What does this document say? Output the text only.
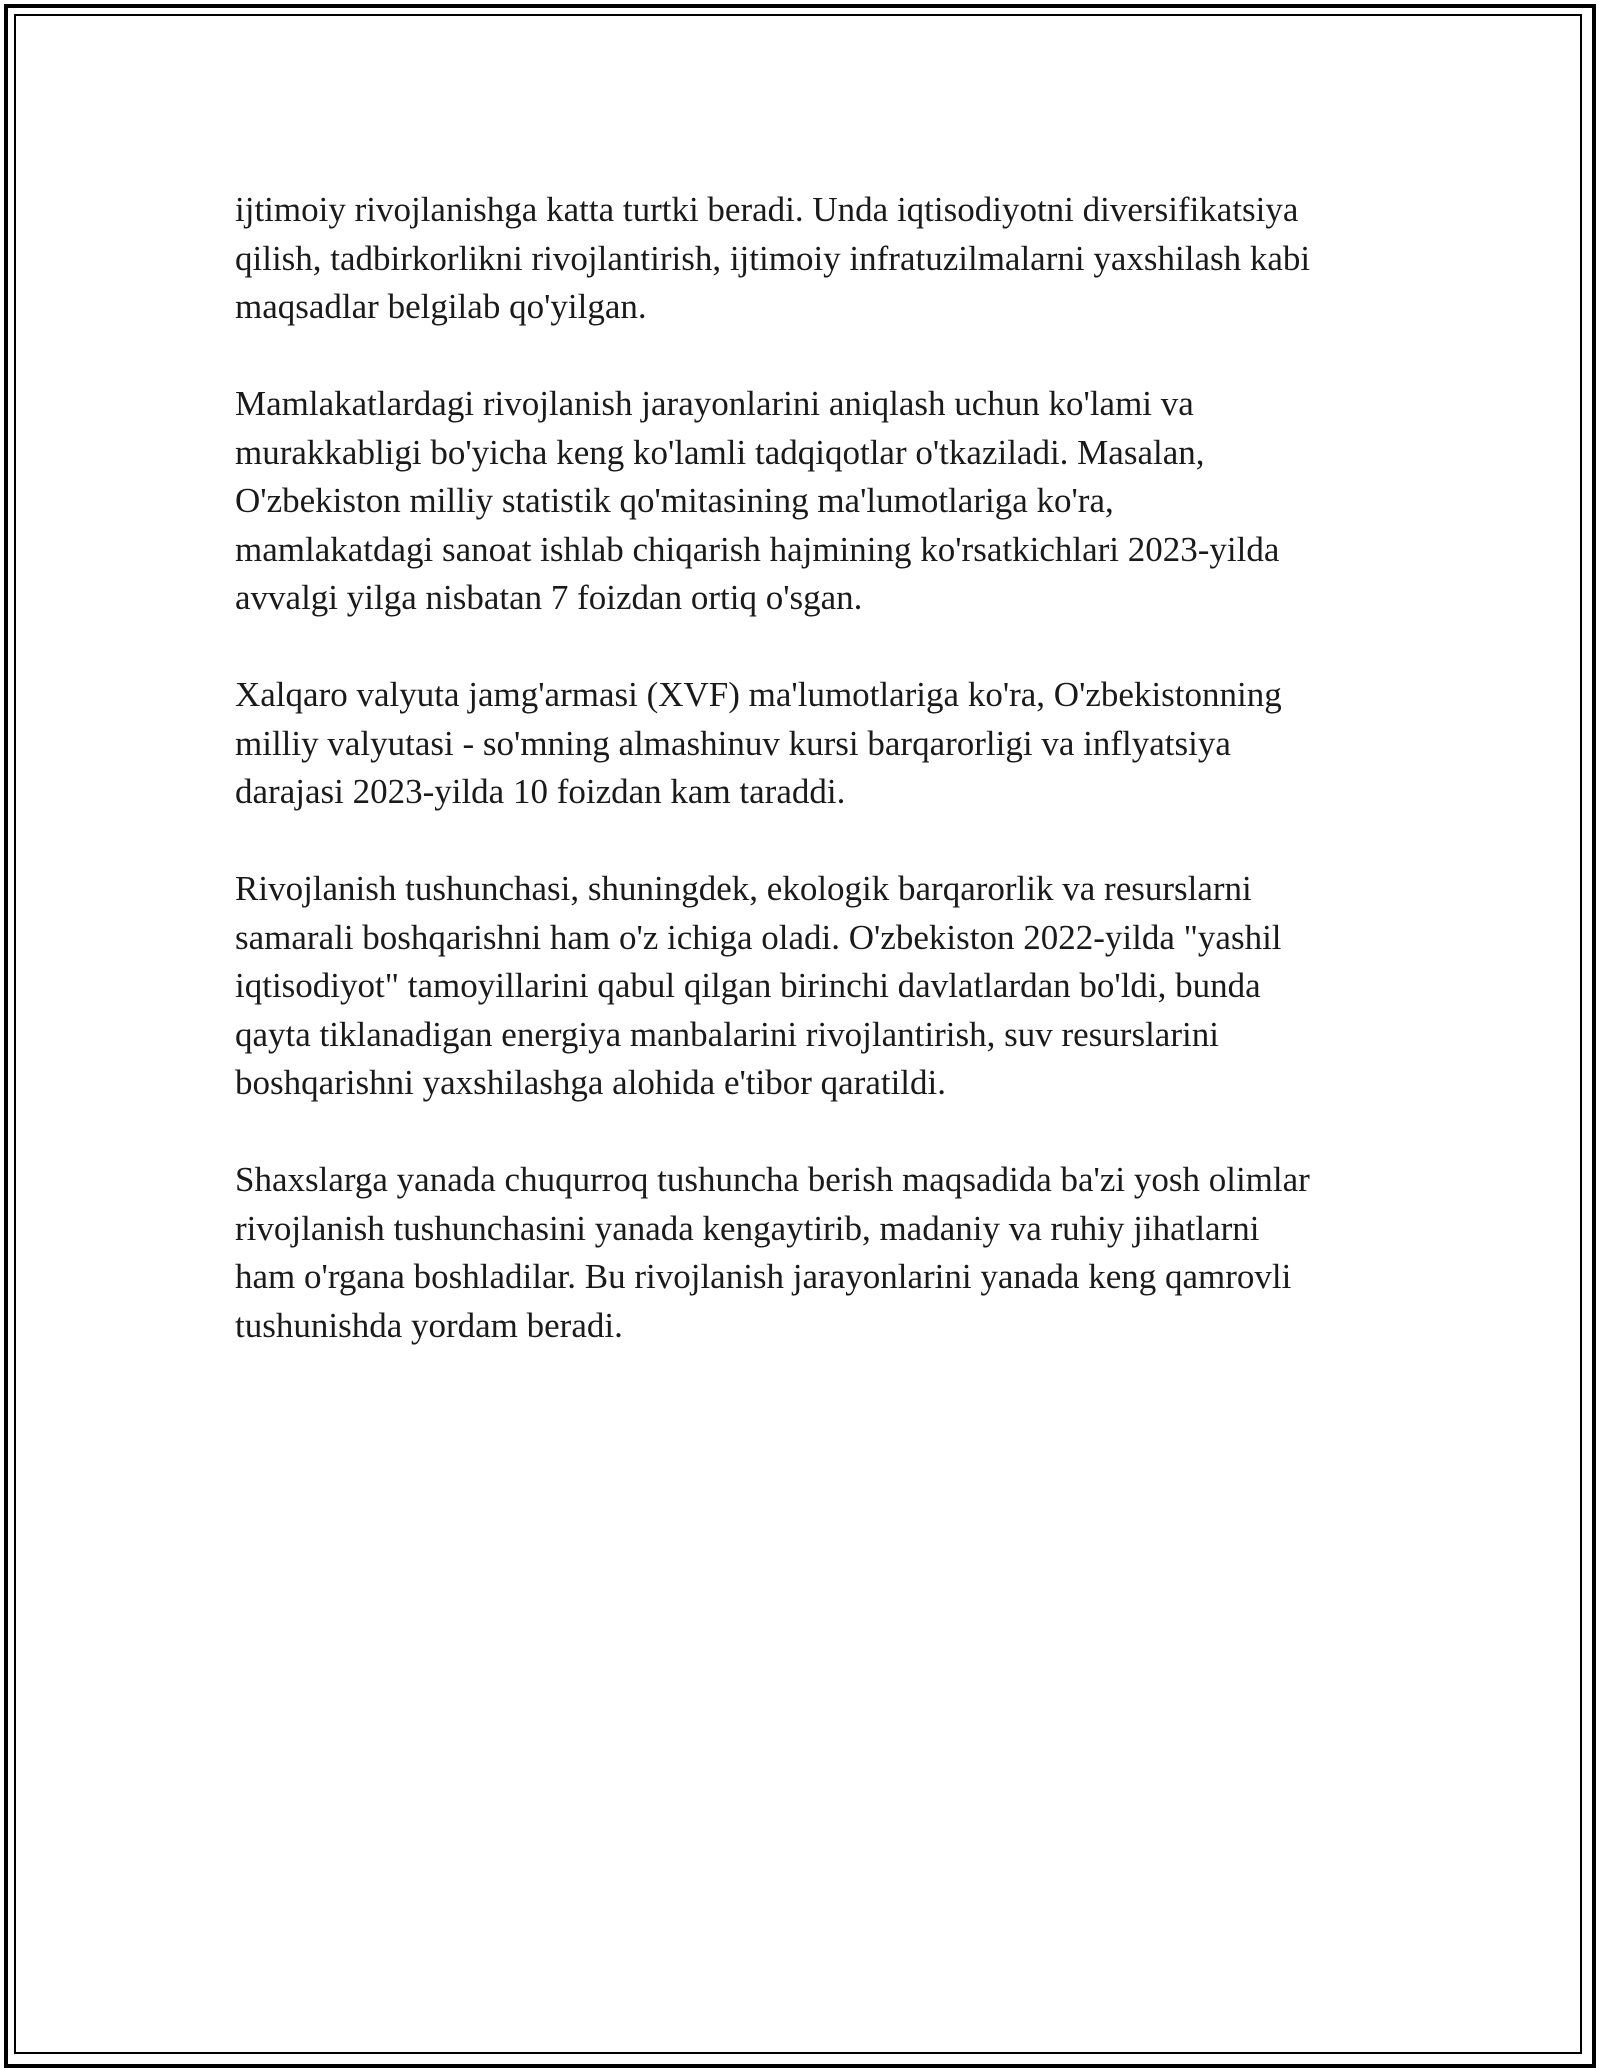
ijtimoiy rivojlanishga katta turtki beradi. Unda iqtisodiyotni diversifikatsiya
qilish, tadbirkorlikni rivojlantirish, ijtimoiy infratuzilmalarni yaxshilash kabi
maqsadlar belgilab qo'yilgan.

Mamlakatlardagi rivojlanish jarayonlarini aniqlash uchun ko'lami va
murakkabligi bo'yicha keng ko'lamli tadqiqotlar o'tkaziladi. Masalan,
O'zbekiston milliy statistik qo'mitasining ma'lumotlariga ko'ra,
mamlakatdagi sanoat ishlab chiqarish hajmining ko'rsatkichlari 2023-yilda
avvalgi yilga nisbatan 7 foizdan ortiq o'sgan.

Xalqaro valyuta jamg'armasi (XVF) ma'lumotlariga ko'ra, O'zbekistonning
milliy valyutasi - so'mning almashinuv kursi barqarorligi va inflyatsiya
darajasi 2023-yilda 10 foizdan kam taraddi.

Rivojlanish tushunchasi, shuningdek, ekologik barqarorlik va resurslarni
samarali boshqarishni ham o'z ichiga oladi. O'zbekiston 2022-yilda "yashil
iqtisodiyot" tamoyillarini qabul qilgan birinchi davlatlardan bo'ldi, bunda
qayta tiklanadigan energiya manbalarini rivojlantirish, suv resurslarini
boshqarishni yaxshilashga alohida e'tibor qaratildi.

Shaxslarga yanada chuqurroq tushuncha berish maqsadida ba'zi yosh olimlar
rivojlanish tushunchasini yanada kengaytirib, madaniy va ruhiy jihatlarni
ham o'rgana boshladilar. Bu rivojlanish jarayonlarini yanada keng qamrovli
tushunishda yordam beradi.
